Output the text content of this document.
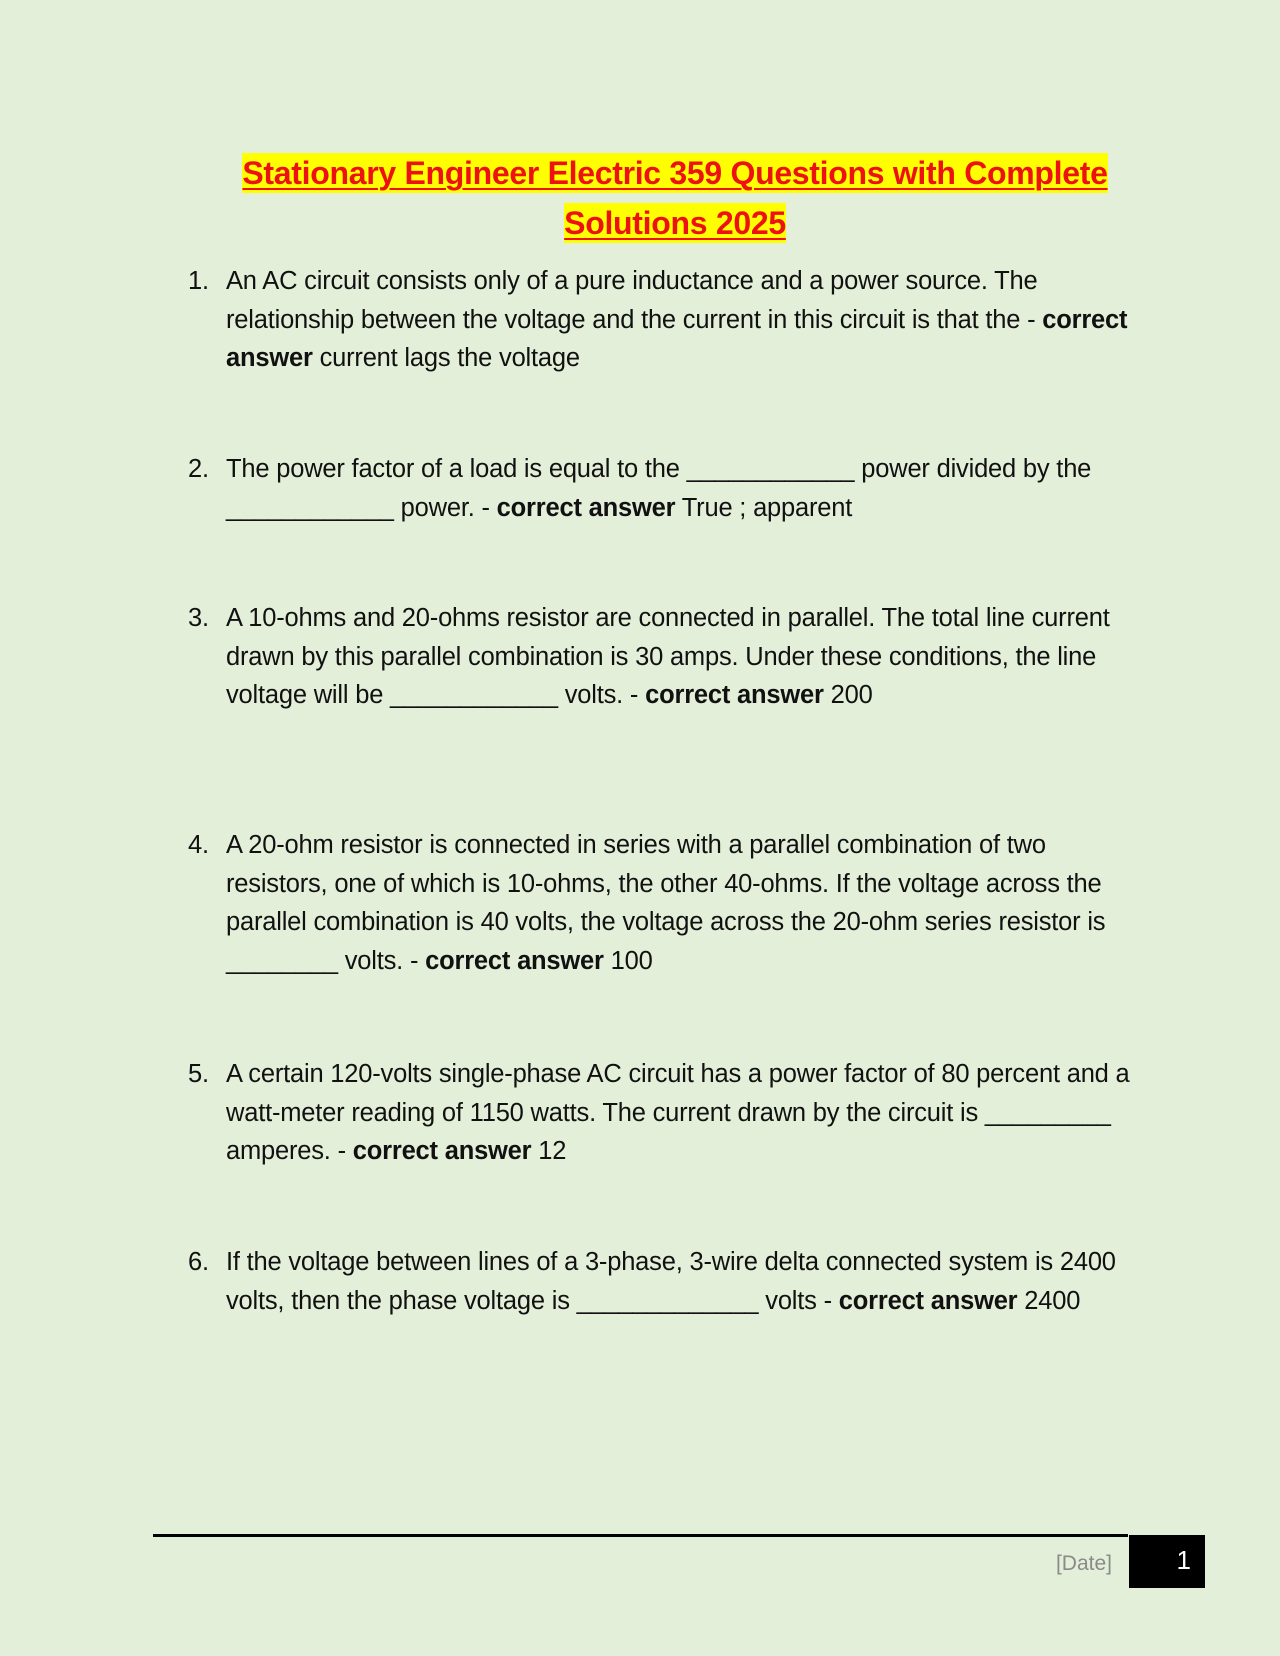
Stationary Engineer Electric 359 Questions with Complete
Solutions 2025
1. An AC circuit consists only of a pure inductance and a power source. The relationship between the voltage and the current in this circuit is that the - correct answer current lags the voltage
2. The power factor of a load is equal to the ____________ power divided by the ____________ power. - correct answer True ; apparent
3. A 10-ohms and 20-ohms resistor are connected in parallel. The total line current drawn by this parallel combination is 30 amps. Under these conditions, the line voltage will be ____________ volts. - correct answer 200
4. A 20-ohm resistor is connected in series with a parallel combination of two resistors, one of which is 10-ohms, the other 40-ohms. If the voltage across the parallel combination is 40 volts, the voltage across the 20-ohm series resistor is ________ volts. - correct answer 100
5. A certain 120-volts single-phase AC circuit has a power factor of 80 percent and a watt-meter reading of 1150 watts. The current drawn by the circuit is _________ amperes. - correct answer 12
6. If the voltage between lines of a 3-phase, 3-wire delta connected system is 2400 volts, then the phase voltage is _____________ volts - correct answer 2400
[Date]	1
